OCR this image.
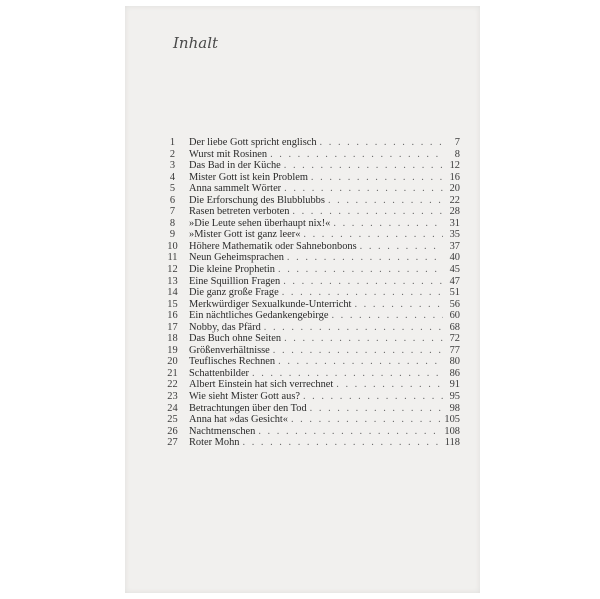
Inhalt
1	Der liebe Gott spricht englisch . . .	7
2	Wurst mit Rosinen . . .	8
3	Das Bad in der Küche . . .	12
4	Mister Gott ist kein Problem . . .	16
5	Anna sammelt Wörter . . .	20
6	Die Erforschung des Blubblubbs . . .	22
7	Rasen betreten verboten . . .	28
8	»Die Leute sehen überhaupt nix!« . . .	31
9	»Mister Gott ist ganz leer« . . .	35
10	Höhere Mathematik oder Sahnebonbons . . .	37
11	Neun Geheimsprachen . . .	40
12	Die kleine Prophetin . . .	45
13	Eine Squillion Fragen . . .	47
14	Die ganz große Frage . . .	51
15	Merkwürdiger Sexualkunde-Unterricht . . .	56
16	Ein nächtliches Gedankengebirge . . .	60
17	Nobby, das Pfärd . . .	68
18	Das Buch ohne Seiten . . .	72
19	Größenverhältnisse . . .	77
20	Teuflisches Rechnen . . .	80
21	Schattenbilder . . .	86
22	Albert Einstein hat sich verrechnet . . .	91
23	Wie sieht Mister Gott aus? . . .	95
24	Betrachtungen über den Tod . . .	98
25	Anna hat »das Gesicht« . . .	105
26	Nachtmenschen . . .	108
27	Roter Mohn . . .	118
